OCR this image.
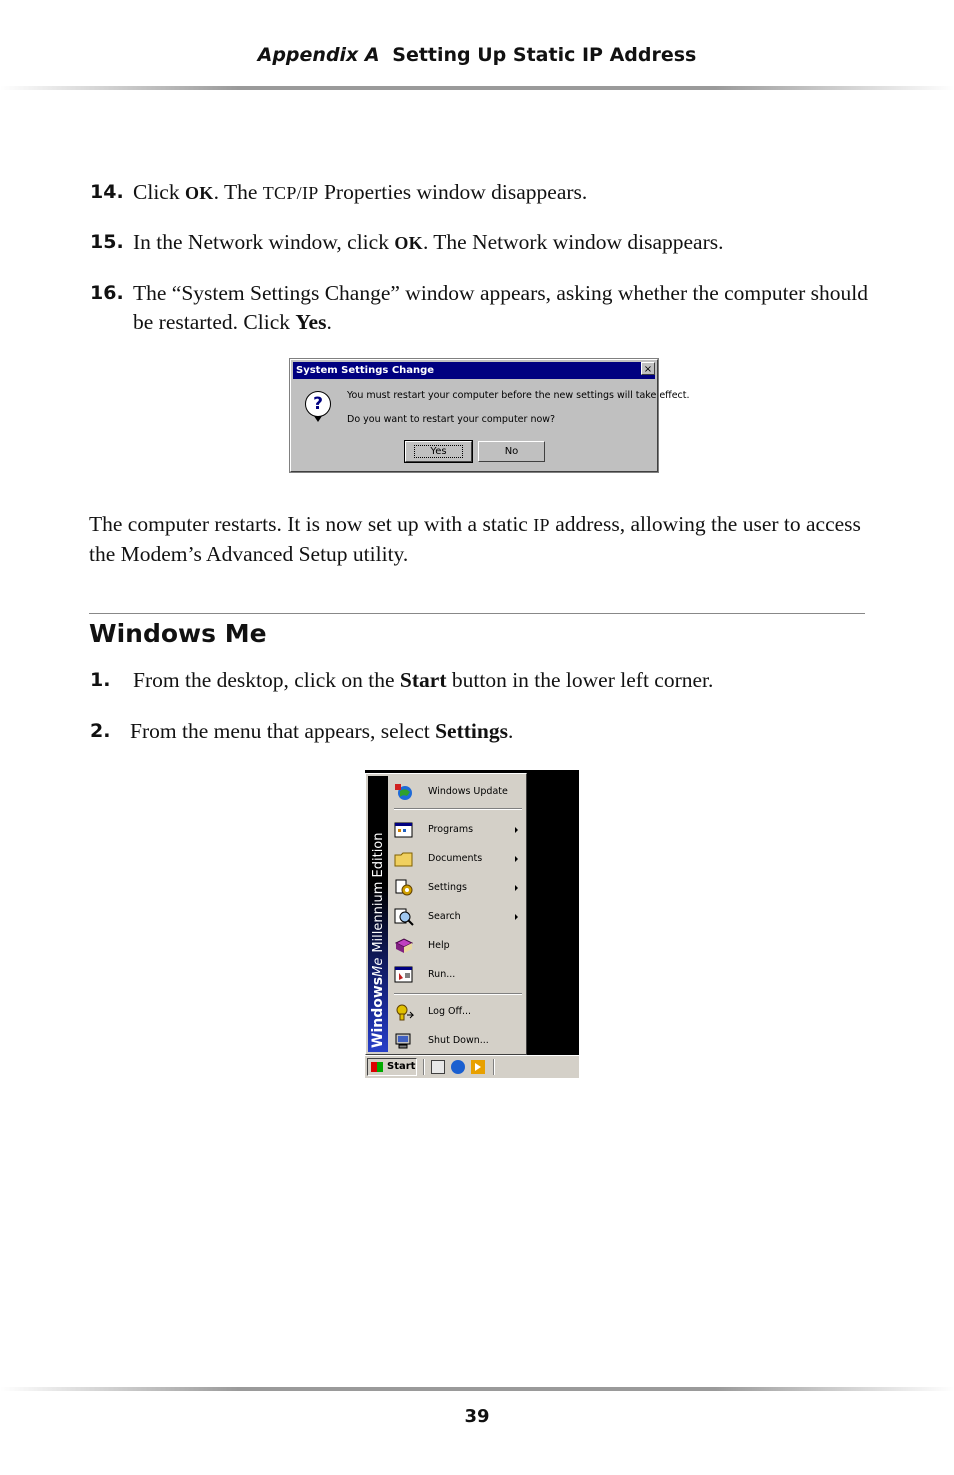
Appendix A Setting Up Static IP Address
14. Click OK. The TCP/IP Properties window disappears.
15. In the Network window, click OK. The Network window disappears.
16. The “System Settings Change” window appears, asking whether the computer should be restarted. Click Yes.
System Settings Change	×
?	You must restart your computer before the new settings will take effect.
Do you want to restart your computer now?
Yes	No
The computer restarts. It is now set up with a static IP address, allowing the user to access the Modem’s Advanced Setup utility.
Windows Me
1. From the desktop, click on the Start button in the lower left corner.
2. From the menu that appears, select Settings.
WindowsMeMillennium Edition
Windows Update
Programs
Documents
Settings
Search
Help
Run...
Log Off...
Shut Down...
Start
39
